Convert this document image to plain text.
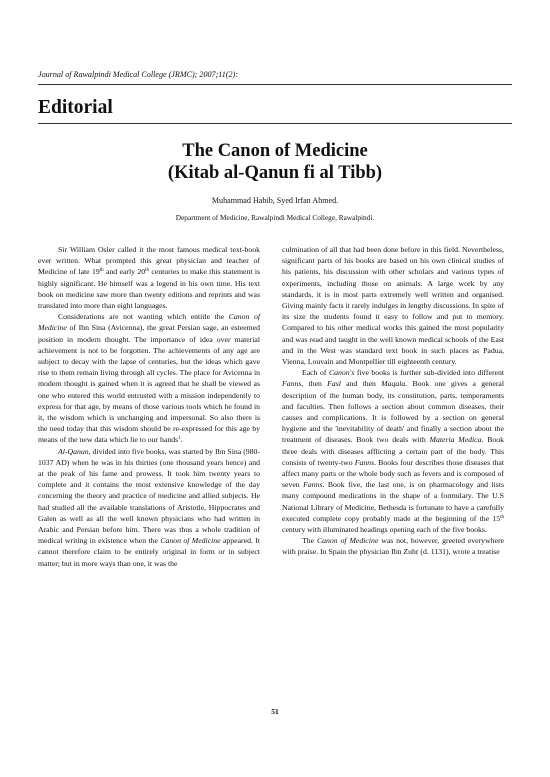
Journal of Rawalpindi Medical College (JRMC); 2007;11(2):
Editorial
The Canon of Medicine
(Kitab al-Qanun fi al Tibb)
Muhammad Habib, Syed Irfan Ahmed.
Department of Medicine, Rawalpindi Medical College, Rawalpindi.

Sir William Osler called it the most famous medical text-book ever written. What prompted this great physician and teacher of Medicine of late 19th and early 20th centuries to make this statement is highly significant. He himself was a legend in his own time. His text book on medicine saw more than twenty editions and reprints and was translated into more than eight languages.

Considerations are not wanting which entitle the Canon of Medicine of Ibn Sina (Avicenna), the great Persian sage, an esteemed position in modern thought. The importance of idea over material achievement is not to be forgotten. The achievements of any age are subject to decay with the lapse of centuries, but the ideas which gave rise to them remain living through all cycles. The place for Avicenna in modern thought is gained when it is agreed that he shall be viewed as one who entered this world entrusted with a mission independently to express for that age, by means of those various tools which he found in it, the wisdom which is unchanging and impersonal. So also there is the need today that this wisdom should be re-expressed for this age by means of the new data which lie to our hands$^1$.

Al-Qanun, divided into five books, was started by Ibn Sina (980-1037 AD) when he was in his thirties (one thousand years hence) and at the peak of his fame and prowess. It took him twenty years to complete and it contains the most extensive knowledge of the day concerning the theory and practice of medicine and allied subjects. He had studied all the available translations of Aristotle, Hippocrates and Galen as well as all the well known physicians who had written in Arabic and Persian before him. There was thus a whole tradition of medical writing in existence when the Canon of Medicine appeared. It cannot therefore claim to be entirely original in form or in subject matter; but in more ways than one, it was the

culmination of all that had been done before in this field. Nevertheless, significant parts of his books are based on his own clinical studies of his patients, his discussion with other scholars and various types of experiments, including those on animals. A large work by any standards, it is in most parts extremely well written and organised. Giving mainly facts it rarely indulges in lengthy discussions. In spite of its size the students found it easy to follow and put to memory. Compared to his other medical works this gained the most popularity and was read and taught in the well known medical schools of the East and in the West was standard text book in such places as Padua, Vienna, Louvain and Montpellier till eighteenth century.

Each of Canon's five books is further sub-divided into different Fanns, then Fasl and then Maqala. Book one gives a general description of the human body, its constitution, parts, temperaments and faculties. Then follows a section about common diseases, their causes and complications. It is followed by a section on general hygiene and the 'inevitability of death' and finally a section about the treatment of diseases. Book two deals with Materia Medica. Book three deals with diseases afflicting a certain part of the body. This consists of twenty-two Fanns. Books four describes those diseases that affect many parts or the whole body such as fevers and is composed of seven Fanns. Book five, the last one, is on pharmacology and lists many compound medications in the shape of a formulary. The U.S National Library of Medicine, Bethesda is fortunate to have a carefully executed complete copy probably made at the beginning of the 15th century with illuminated headings opening each of the five books.

The Canon of Medicine was not, however, greeted everywhere with praise. In Spain the physician Ibn Zuhr (d. 1131), wrote a treatise

51
